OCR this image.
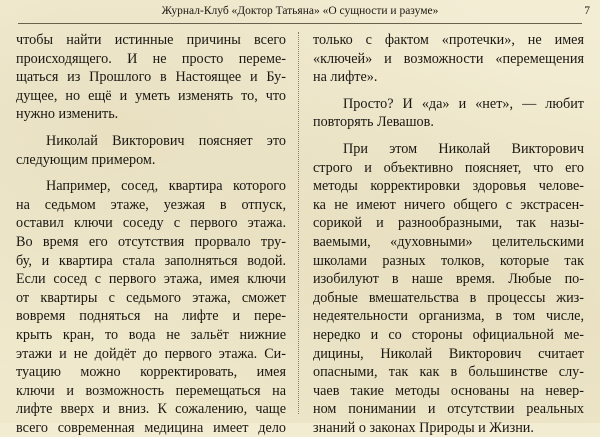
Журнал-Клуб «Доктор Татьяна» «О сущности и разуме»	7
чтобы найти истинные причины всего
происходящего. И не просто переме-
щаться из Прошлого в Настоящее и Бу-
дущее, но ещё и уметь изменять то, что
нужно изменить.
Николай Викторович поясняет это
следующим примером.
Например, сосед, квартира которого
на седьмом этаже, уезжая в отпуск,
оставил ключи соседу с первого этажа.
Во время его отсутствия прорвало тру-
бу, и квартира стала заполняться водой.
Если сосед с первого этажа, имея ключи
от квартиры с седьмого этажа, сможет
вовремя подняться на лифте и пере-
крыть кран, то вода не зальёт нижние
этажи и не дойдёт до первого этажа. Си-
туацию можно корректировать, имея
ключи и возможность перемещаться на
лифте вверх и вниз. К сожалению, чаще
всего современная медицина имеет дело
только с фактом «протечки», не имея
«ключей» и возможности «перемещения
на лифте».
Просто? И «да» и «нет», — любит
повторять Левашов.
При этом Николай Викторович
строго и объективно поясняет, что его
методы корректировки здоровья челове-
ка не имеют ничего общего с экстрасен-
сорикой и разнообразными, так назы-
ваемыми, «духовными» целительскими
школами разных толков, которые так
изобилуют в наше время. Любые по-
добные вмешательства в процессы жиз-
недеятельности организма, в том числе,
нередко и со стороны официальной ме-
дицины, Николай Викторович считает
опасными, так как в большинстве слу-
чаев такие методы основаны на невер-
ном понимании и отсутствии реальных
знаний о законах Природы и Жизни.
